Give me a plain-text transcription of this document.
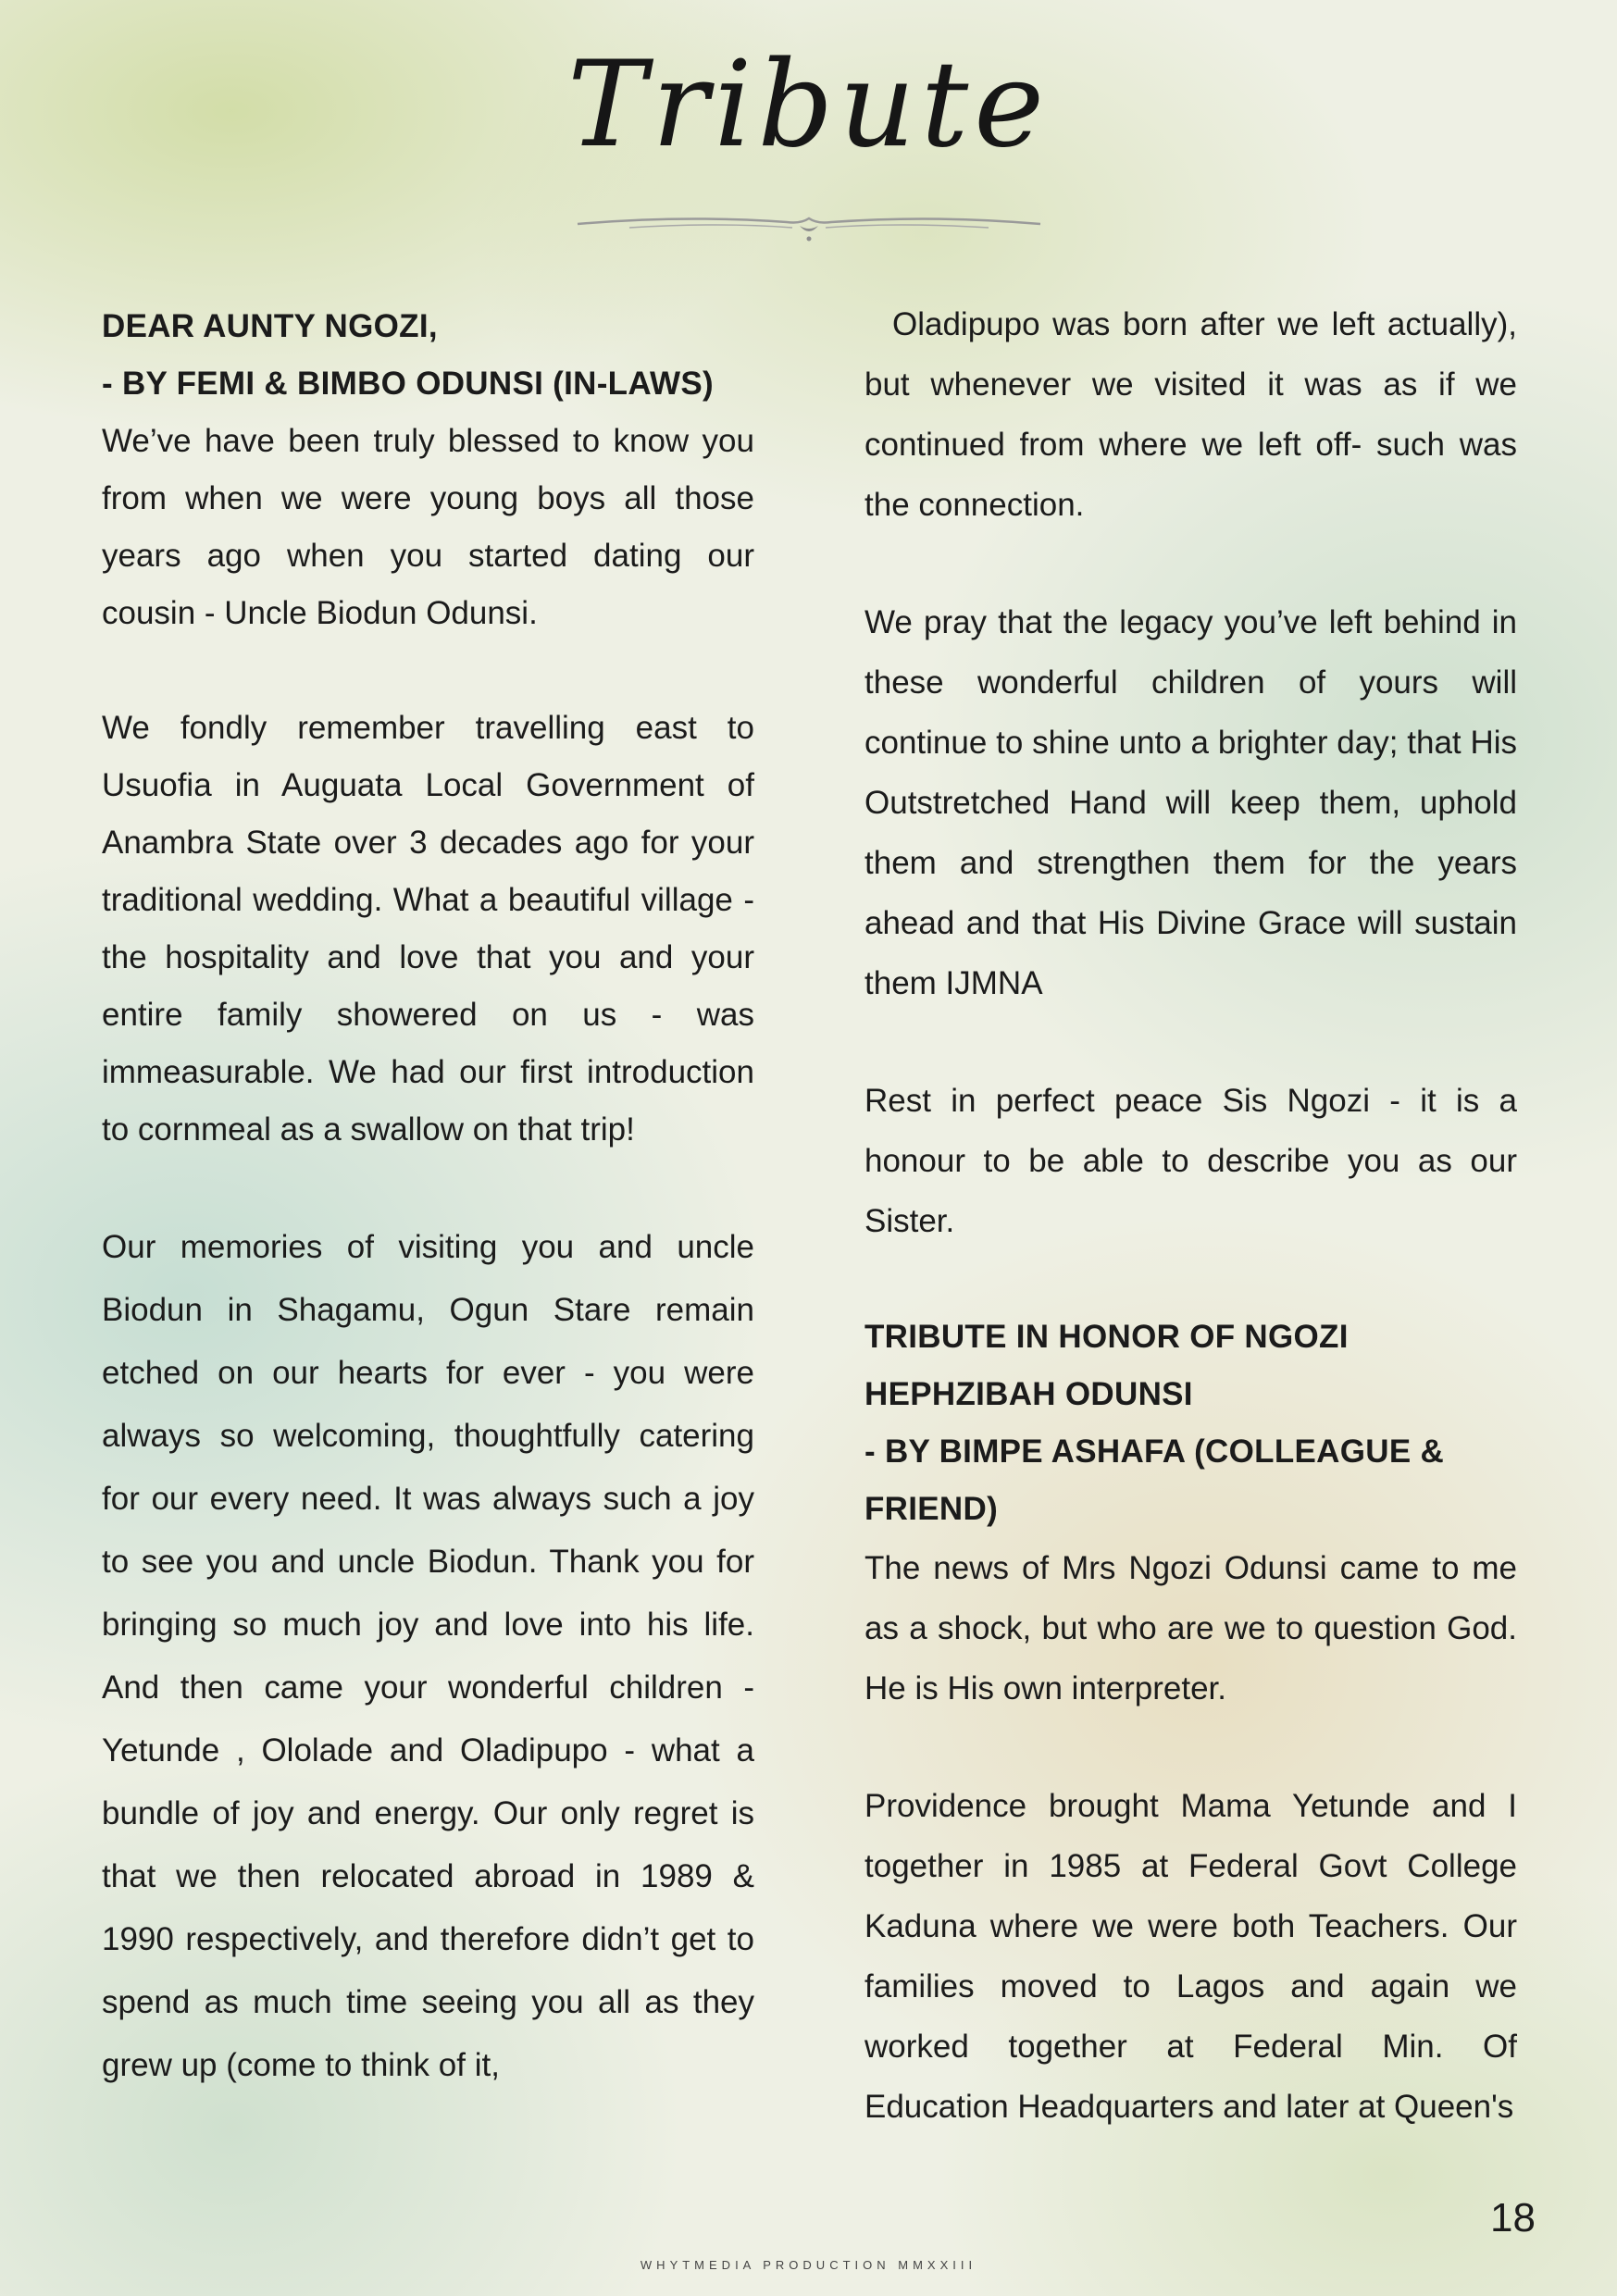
Tribute
DEAR AUNTY NGOZI,
- BY FEMI & BIMBO ODUNSI (IN-LAWS)

We’ve have been truly blessed to know you from when we were young boys all those years ago when you started dating our cousin - Uncle Biodun Odunsi.

We fondly remember travelling east to Usuofia in Auguata Local Government of Anambra State over 3 decades ago for your traditional wedding. What a beautiful village - the hospitality and love that you and your entire family showered on us - was immeasurable. We had our first introduction to cornmeal as a swallow on that trip!

Our memories of visiting you and uncle Biodun in Shagamu, Ogun Stare remain etched on our hearts for ever - you were always so welcoming, thoughtfully catering for our every need. It was always such a joy to see you and uncle Biodun. Thank you for bringing so much joy and love into his life. And then came your wonderful children - Yetunde , Ololade and Oladipupo - what a bundle of joy and energy. Our only regret is that we then relocated abroad in 1989 & 1990 respectively, and therefore didn’t get to spend as much time seeing you all as they grew up (come to think of it,

Oladipupo was born after we left actually), but whenever we visited it was as if we continued from where we left off- such was the connection.

We pray that the legacy you’ve left behind in these wonderful children of yours will continue to shine unto a brighter day; that His Outstretched Hand will keep them, uphold them and strengthen them for the years ahead and that His Divine Grace will sustain them IJMNA

Rest in perfect peace Sis Ngozi - it is a honour to be able to describe you as our Sister.

TRIBUTE IN HONOR OF NGOZI HEPHZIBAH ODUNSI
- BY BIMPE ASHAFA (COLLEAGUE & FRIEND)

The news of Mrs Ngozi Odunsi came to me as a shock, but who are we to question God. He is His own interpreter.

Providence brought Mama Yetunde and I together in 1985 at Federal Govt College Kaduna where we were both Teachers. Our families moved to Lagos and again we worked together at Federal Min. Of Education Headquarters and later at Queen's

18
WHYTMEDIA PRODUCTION MMXXIII
